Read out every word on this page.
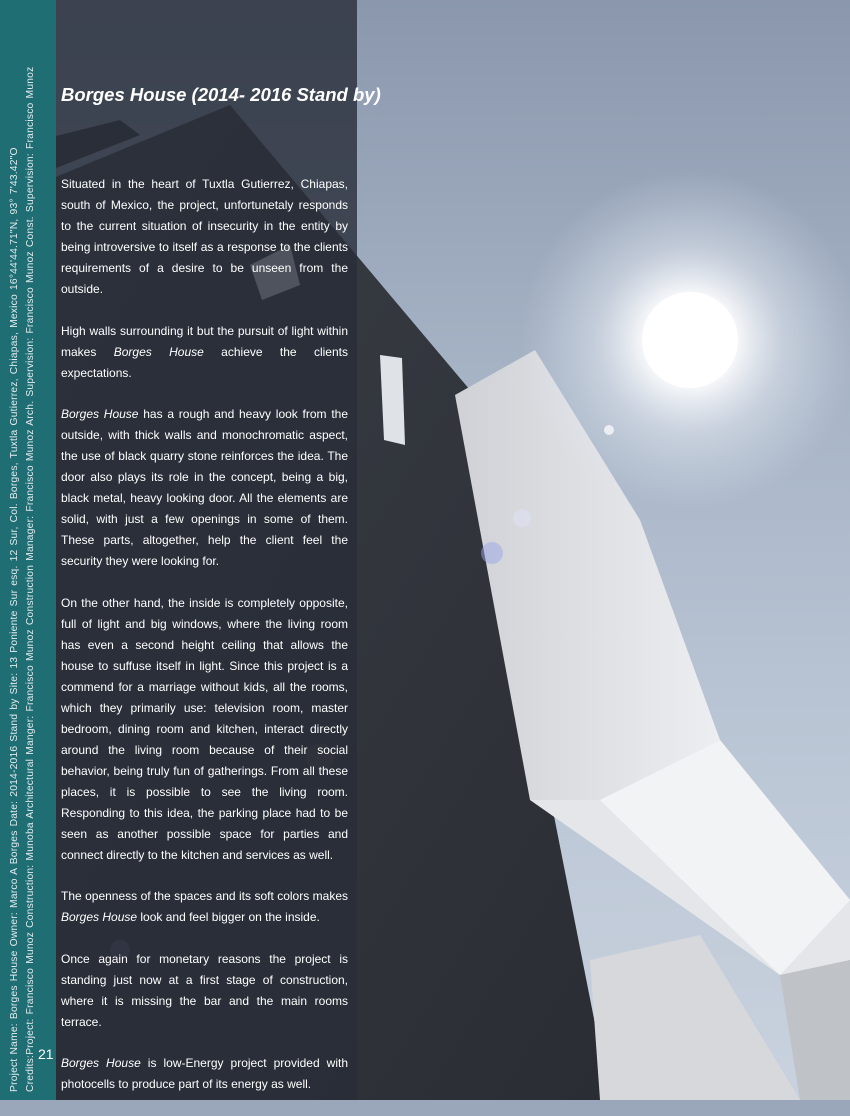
Project Name: Borges House Owner: Marco A Borges Date: 2014-2016 Stand by Site: 13 Poniente Sur esq. 12 Sur, Col. Borges, Tuxtla Gutierrez, Chiapas, Mexico 16°44'44.71"N, 93° 7'43.42"O Credits:Project: Francisco Munoz Construction: Munoba Architectural Manger: Francisco Munoz Construction Manager: Francisco Munoz Arch. Supervision: Francisco Munoz Const. Supervision: Francisco Munoz 21
Borges House (2014- 2016 Stand by)

Situated in the heart of Tuxtla Gutierrez, Chiapas, south of Mexico, the project, unfortunetaly responds to the current situation of insecurity in the entity by being introversive to itself as a response to the clients requirements of a desire to be unseen from the outside.

High walls surrounding it but the pursuit of light within makes Borges House achieve the clients expectations.

Borges House has a rough and heavy look from the outside, with thick walls and monochromatic aspect, the use of black quarry stone reinforces the idea. The door also plays its role in the concept, being a big, black metal, heavy looking door. All the elements are solid, with just a few openings in some of them. These parts, altogether, help the client feel the security they were looking for.

On the other hand, the inside is completely opposite, full of light and big windows, where the living room has even a second height ceiling that allows the house to suffuse itself in light. Since this project is a commend for a marriage without kids, all the rooms, which they primarily use: television room, master bedroom, dining room and kitchen, interact directly around the living room because of their social behavior, being truly fun of gatherings. From all these places, it is possible to see the living room. Responding to this idea, the parking place had to be seen as another possible space for parties and connect directly to the kitchen and services as well.

The openness of the spaces and its soft colors makes Borges House look and feel bigger on the inside.

Once again for monetary reasons the project is standing just now at a first stage of construction, where it is missing the bar and the main rooms terrace.

Borges House is low-Energy project provided with photocells to produce part of its energy as well.
